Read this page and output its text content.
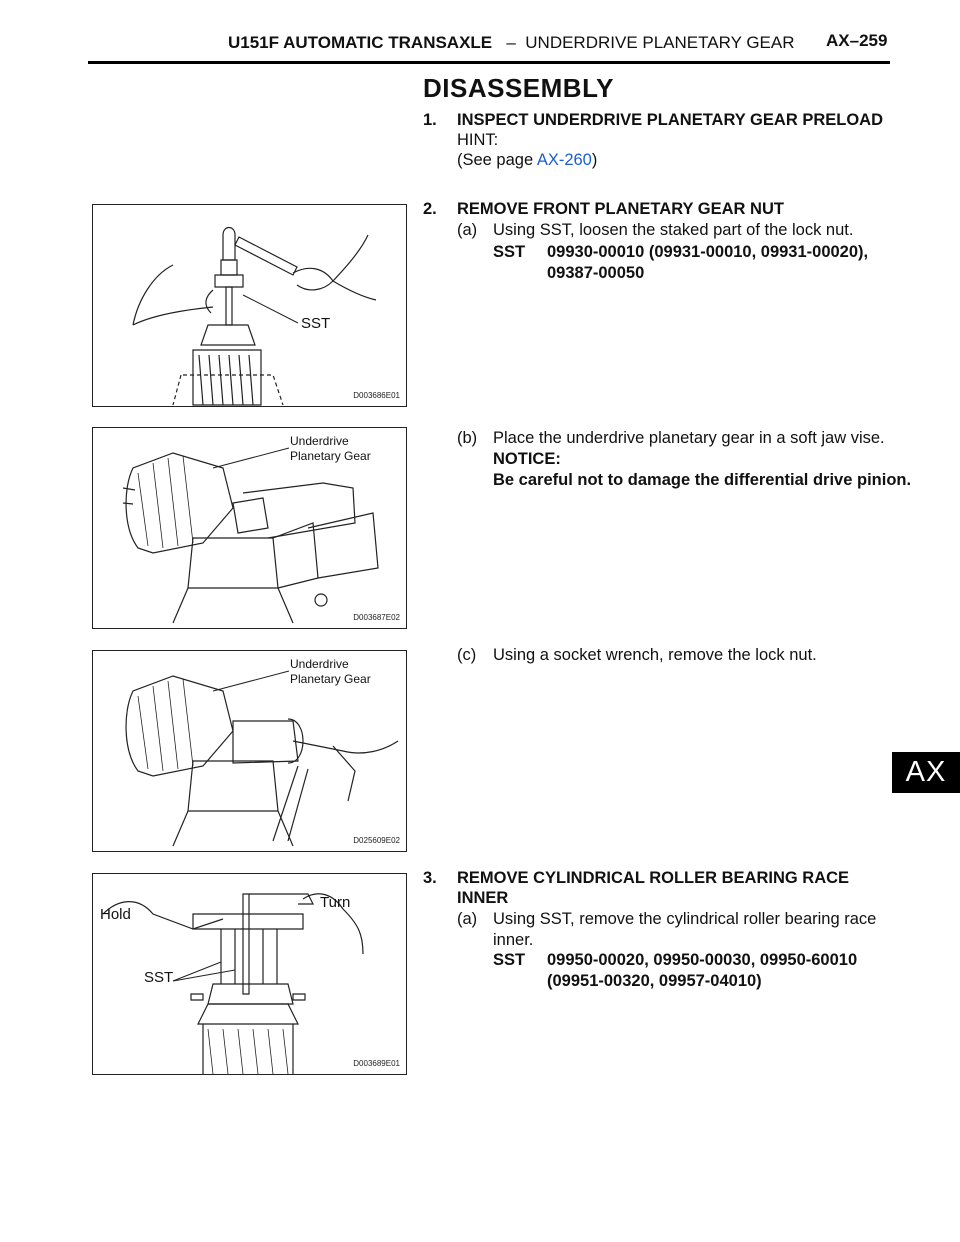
U151F AUTOMATIC TRANSAXLE – UNDERDRIVE PLANETARY GEAR AX–259
AX
DISASSEMBLY
1. INSPECT UNDERDRIVE PLANETARY GEAR PRELOAD
HINT:
(See page AX-260)
2. REMOVE FRONT PLANETARY GEAR NUT
(a) Using SST, loosen the staked part of the lock nut.
SST 09930-00010 (09931-00010, 09931-00020), 09387-00050
(b) Place the underdrive planetary gear in a soft jaw vise.
NOTICE:
Be careful not to damage the differential drive pinion.
(c) Using a socket wrench, remove the lock nut.
3. REMOVE CYLINDRICAL ROLLER BEARING RACE INNER
(a) Using SST, remove the cylindrical roller bearing race inner.
SST 09950-00020, 09950-00030, 09950-60010 (09951-00320, 09957-04010)
SST
D003686E01
Underdrive
Planetary Gear
D003687E02
Underdrive
Planetary Gear
D025609E02
Hold
Turn
SST
D003689E01
